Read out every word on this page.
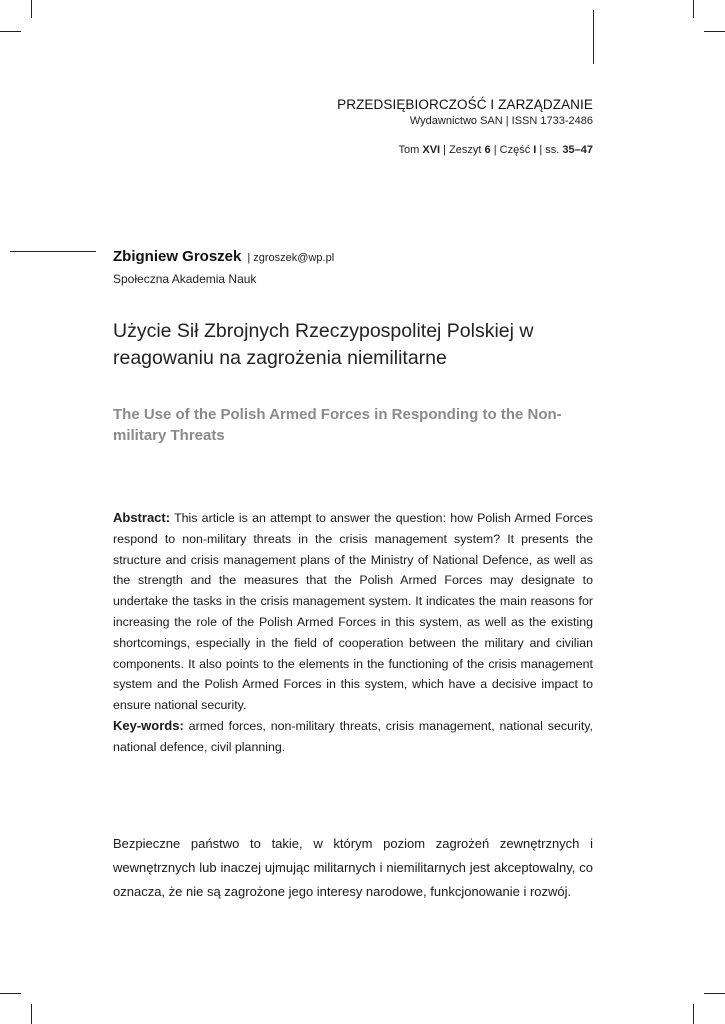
PRZEDSIĘBIORCZOŚĆ I ZARZĄDZANIE
Wydawnictwo SAN | ISSN 1733-2486
Tom XVI | Zeszyt 6 | Część I | ss. 35–47
Zbigniew Groszek | zgroszek@wp.pl
Społeczna Akademia Nauk
Użycie Sił Zbrojnych Rzeczypospolitej Polskiej w reagowaniu na zagrożenia niemilitarne
The Use of the Polish Armed Forces in Responding to the Non-military Threats
Abstract: This article is an attempt to answer the question: how Polish Armed Forces respond to non-military threats in the crisis management system? It presents the structure and crisis management plans of the Ministry of National Defence, as well as the strength and the measures that the Polish Armed Forces may designate to undertake the tasks in the crisis management system. It indicates the main reasons for increasing the role of the Polish Armed Forces in this system, as well as the existing shortcomings, especially in the field of cooperation between the military and civilian components. It also points to the elements in the functioning of the crisis management system and the Polish Armed Forces in this system, which have a decisive impact to ensure national security.
Key-words: armed forces, non-military threats, crisis management, national security, national defence, civil planning.
Bezpieczne państwo to takie, w którym poziom zagrożeń zewnętrznych i wewnętrznych lub inaczej ujmując militarnych i niemilitarnych jest akceptowalny, co oznacza, że nie są zagrożone jego interesy narodowe, funkcjonowanie i rozwój.
